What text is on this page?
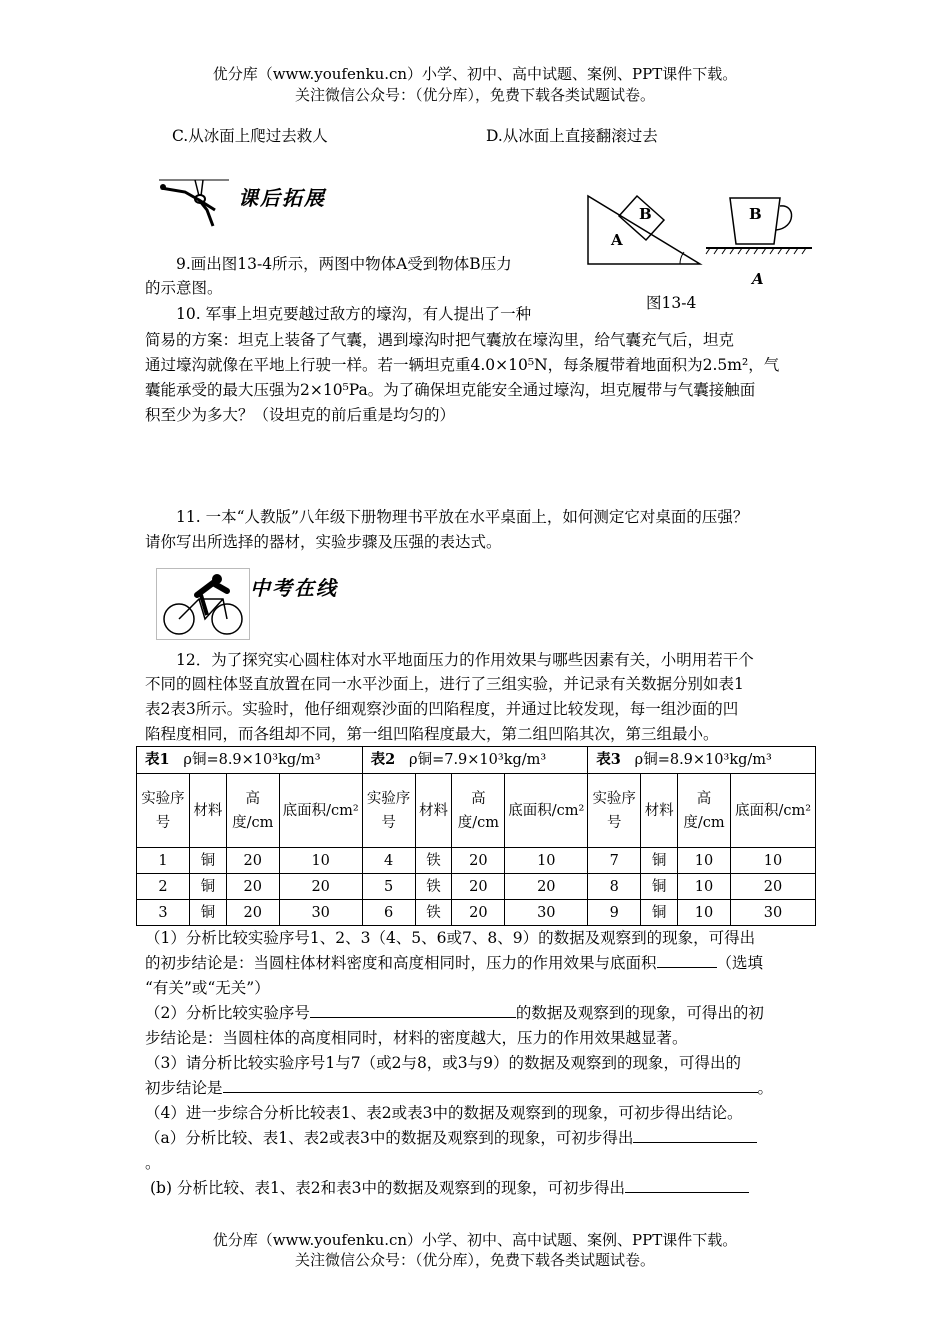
优分库（www.youfenku.cn）小学、初中、高中试题、案例、PPT课件下载。
关注微信公众号：（优分库），免费下载各类试题试卷。
C.从冰面上爬过去救人	D.从冰面上直接翻滚过去
课后拓展
A
B	B
A
图13-4
9.画出图13-4所示，两图中物体A受到物体B压力
的示意图。
10. 军事上坦克要越过敌方的壕沟，有人提出了一种
简易的方案：坦克上装备了气囊，遇到壕沟时把气囊放在壕沟里，给气囊充气后，坦克
通过壕沟就像在平地上行驶一样。若一辆坦克重4.0×10⁵N，每条履带着地面积为2.5m²，气
囊能承受的最大压强为2×10⁵Pa。为了确保坦克能安全通过壕沟，坦克履带与气囊接触面
积至少为多大？（设坦克的前后重是均匀的）
11. 一本“人教版”八年级下册物理书平放在水平桌面上，如何测定它对桌面的压强？
请你写出所选择的器材，实验步骤及压强的表达式。
中考在线
12．为了探究实心圆柱体对水平地面压力的作用效果与哪些因素有关，小明用若干个
不同的圆柱体竖直放置在同一水平沙面上，进行了三组实验，并记录有关数据分别如表1
表2表3所示。实验时，他仔细观察沙面的凹陷程度，并通过比较发现，每一组沙面的凹
陷程度相同，而各组却不同，第一组凹陷程度最大，第二组凹陷其次，第三组最小。
表1 ρ铜=8.9×10³kg/m³				表2 ρ铜=7.9×10³kg/m³				表3 ρ铜=8.9×10³kg/m³			
实验序号	材料	高度/cm	底面积/cm²	实验序号	材料	高度/cm	底面积/cm²	实验序号	材料	高度/cm	底面积/cm²
1	铜	20	10	4	铁	20	10	7	铜	10	10
2	铜	20	20	5	铁	20	20	8	铜	10	20
3	铜	20	30	6	铁	20	30	9	铜	10	30
（1）分析比较实验序号1、2、3（4、5、6或7、8、9）的数据及观察到的现象，可得出
的初步结论是：当圆柱体材料密度和高度相同时，压力的作用效果与底面积	（选填
“有关”或“无关”）
（2）分析比较实验序号	的数据及观察到的现象，可得出的初
步结论是：当圆柱体的高度相同时，材料的密度越大，压力的作用效果越显著。
（3）请分析比较实验序号1与7（或2与8，或3与9）的数据及观察到的现象，可得出的
初步结论是	。
（4）进一步综合分析比较表1、表2或表3中的数据及观察到的现象，可初步得出结论。
（a）分析比较、表1、表2或表3中的数据及观察到的现象，可初步得出
。
(b) 分析比较、表1、表2和表3中的数据及观察到的现象，可初步得出
优分库（www.youfenku.cn）小学、初中、高中试题、案例、PPT课件下载。
关注微信公众号：（优分库），免费下载各类试题试卷。
